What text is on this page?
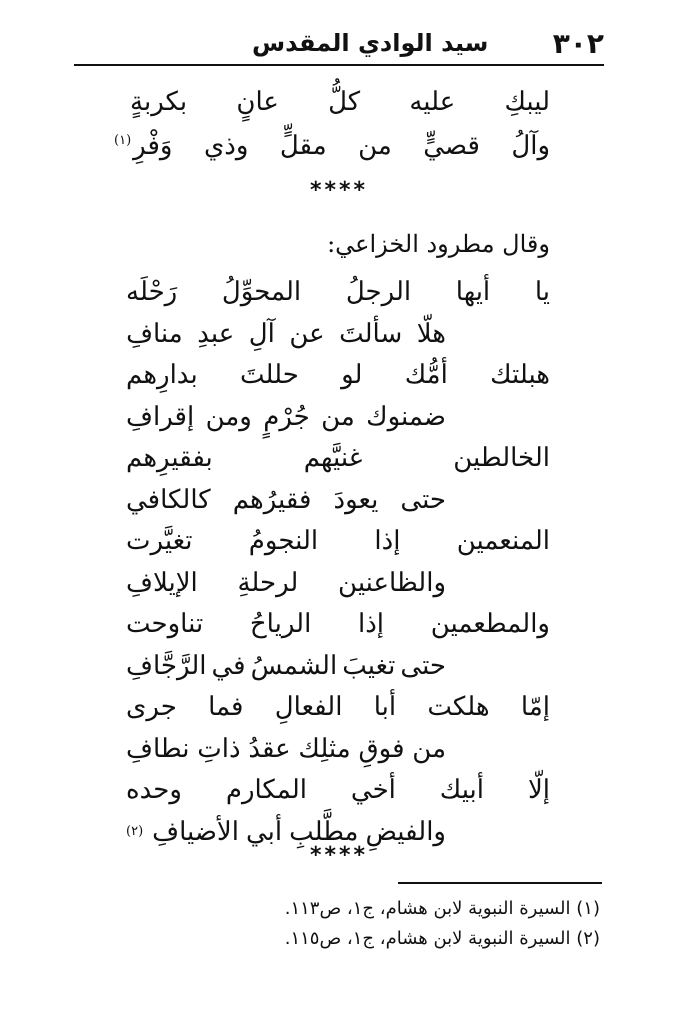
٣٠٢
سيد الوادي المقدس
ليبكِ
عليه
كلُّ
عانٍ
بكربةٍ
وآلُ
قصيٍّ
من
مقلٍّ
وذي
وَفْرِ(١)
****
وقال مطرود الخزاعي:
يا
أيها
الرجلُ
المحوِّلُ
رَحْلَه
هلّا
سألتَ
عن
آلِ
عبدِ
منافِ
هبلتك
أمُّك
لو
حللتَ
بدارِهم
ضمنوك
من
جُرْمٍ
ومن
إقرافِ
الخالطين
غنيَّهم
بفقيرِهم
حتى
يعودَ
فقيرُهم
كالكافي
المنعمين
إذا
النجومُ
تغيَّرت
والظاعنين
لرحلةِ
الإيلافِ
والمطعمين
إذا
الرياحُ
تناوحت
حتى
تغيبَ
الشمسُ
في
الرَّجَّافِ
إمّا
هلكت
أبا
الفعالِ
فما
جرى
من
فوقِ
مثلِك
عقدُ
ذاتِ
نطافِ
إلّا
أبيك
أخي
المكارم
وحده
والفيضِ
مطَّلبِ
أبي
الأضيافِ
(٢)
****
(١) السيرة النبوية لابن هشام، ج١، ص١١٣.
(٢) السيرة النبوية لابن هشام، ج١، ص١١٥.
